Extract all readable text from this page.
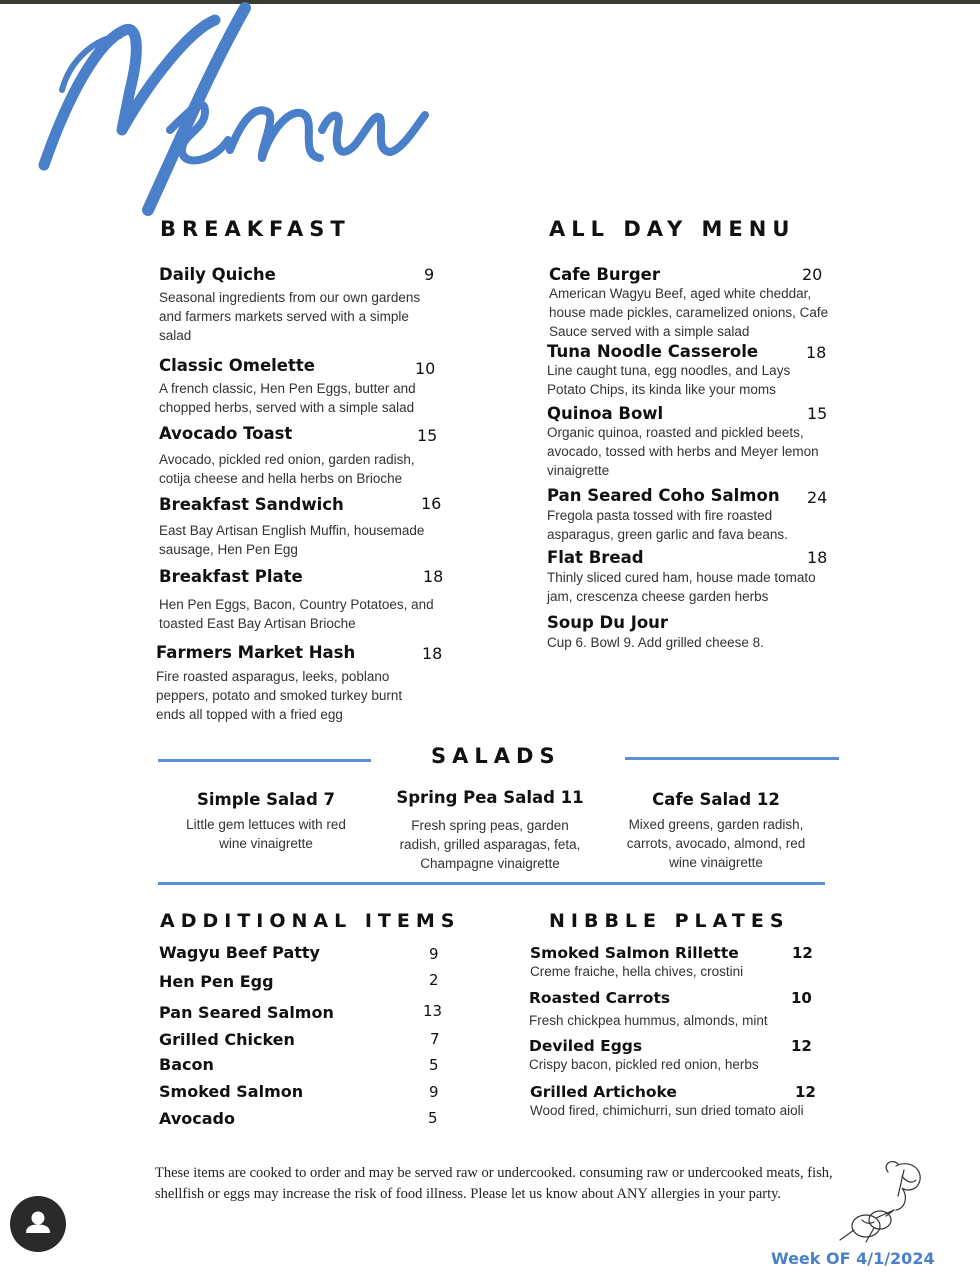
BREAKFAST
Daily Quiche	9
Seasonal ingredients from our own gardens and farmers markets served with a simple salad
Classic Omelette	10
A french classic, Hen Pen Eggs, butter and chopped herbs, served with a simple salad
Avocado Toast	15
Avocado, pickled red onion, garden radish, cotija cheese and hella herbs on Brioche
Breakfast Sandwich	16
East Bay Artisan English Muffin, housemade sausage, Hen Pen Egg
Breakfast Plate	18
Hen Pen Eggs, Bacon, Country Potatoes, and toasted East Bay Artisan Brioche
Farmers Market Hash	18
Fire roasted asparagus, leeks, poblano peppers, potato and smoked turkey burnt ends all topped with a fried egg
ALL DAY MENU
Cafe Burger	20
American Wagyu Beef, aged white cheddar, house made pickles, caramelized onions, Cafe Sauce served with a simple salad
Tuna Noodle Casserole	18
Line caught tuna, egg noodles, and Lays Potato Chips, its kinda like your moms
Quinoa Bowl	15
Organic quinoa, roasted and pickled beets, avocado, tossed with herbs and Meyer lemon vinaigrette
Pan Seared Coho Salmon	24
Fregola pasta tossed with fire roasted asparagus, green garlic and fava beans.
Flat Bread	18
Thinly sliced cured ham, house made tomato jam, crescenza cheese garden herbs
Soup Du Jour
Cup 6. Bowl 9. Add grilled cheese 8.
SALADS
Simple Salad 7
Little gem lettuces with red wine vinaigrette
Spring Pea Salad 11
Fresh spring peas, garden radish, grilled asparagas, feta, Champagne vinaigrette
Cafe Salad 12
Mixed greens, garden radish, carrots, avocado, almond, red wine vinaigrette
ADDITIONAL ITEMS
Wagyu Beef Patty	9
Hen Pen Egg	2
Pan Seared Salmon	13
Grilled Chicken	7
Bacon	5
Smoked Salmon	9
Avocado	5
NIBBLE PLATES
Smoked Salmon Rillette	12
Creme fraiche, hella chives, crostini
Roasted Carrots	10
Fresh chickpea hummus, almonds, mint
Deviled Eggs	12
Crispy bacon, pickled red onion, herbs
Grilled Artichoke	12
Wood fired, chimichurri, sun dried tomato aioli
These items are cooked to order and may be served raw or undercooked. consuming raw or undercooked meats, fish, shellfish or eggs may increase the risk of food illness. Please let us know about ANY allergies in your party.
Week OF 4/1/2024
